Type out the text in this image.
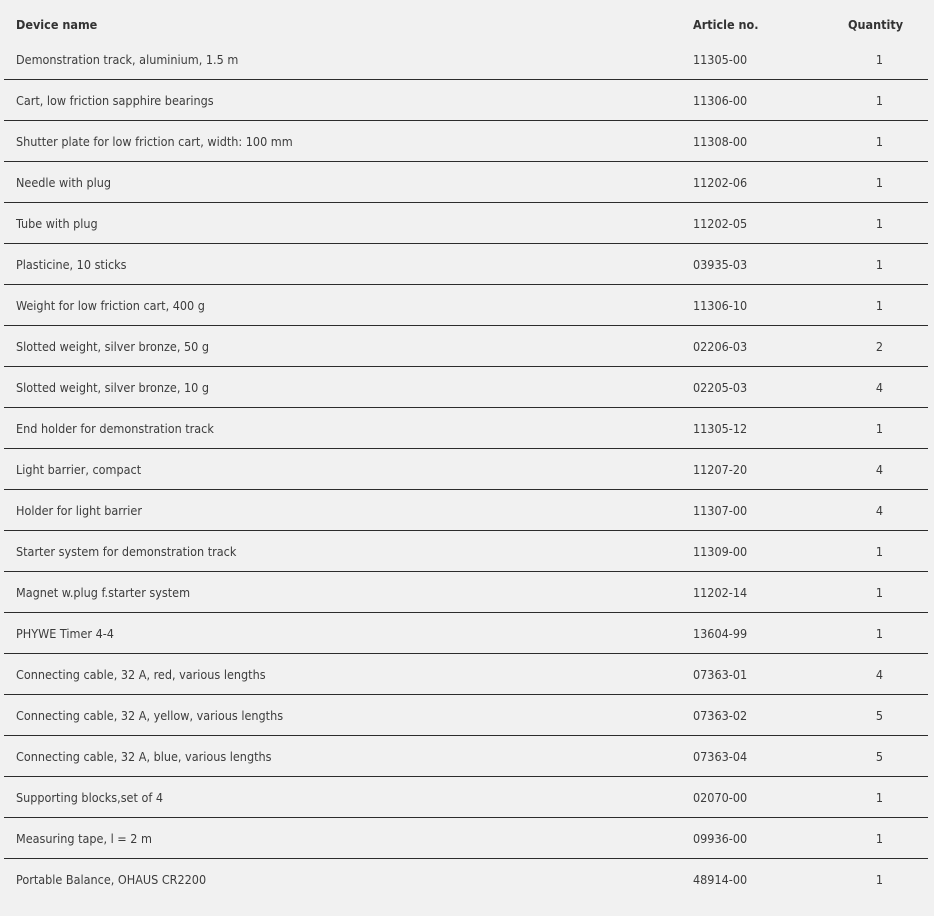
Device name	Article no.	Quantity
Demonstration track, aluminium, 1.5 m	11305-00	1
Cart, low friction sapphire bearings	11306-00	1
Shutter plate for low friction cart, width: 100 mm	11308-00	1
Needle with plug	11202-06	1
Tube with plug	11202-05	1
Plasticine, 10 sticks	03935-03	1
Weight for low friction cart, 400 g	11306-10	1
Slotted weight, silver bronze, 50 g	02206-03	2
Slotted weight, silver bronze, 10 g	02205-03	4
End holder for demonstration track	11305-12	1
Light barrier, compact	11207-20	4
Holder for light barrier	11307-00	4
Starter system for demonstration track	11309-00	1
Magnet w.plug f.starter system	11202-14	1
PHYWE Timer 4-4	13604-99	1
Connecting cable, 32 A, red, various lengths	07363-01	4
Connecting cable, 32 A, yellow, various lengths	07363-02	5
Connecting cable, 32 A, blue, various lengths	07363-04	5
Supporting blocks,set of 4	02070-00	1
Measuring tape, l = 2 m	09936-00	1
Portable Balance, OHAUS CR2200	48914-00	1
